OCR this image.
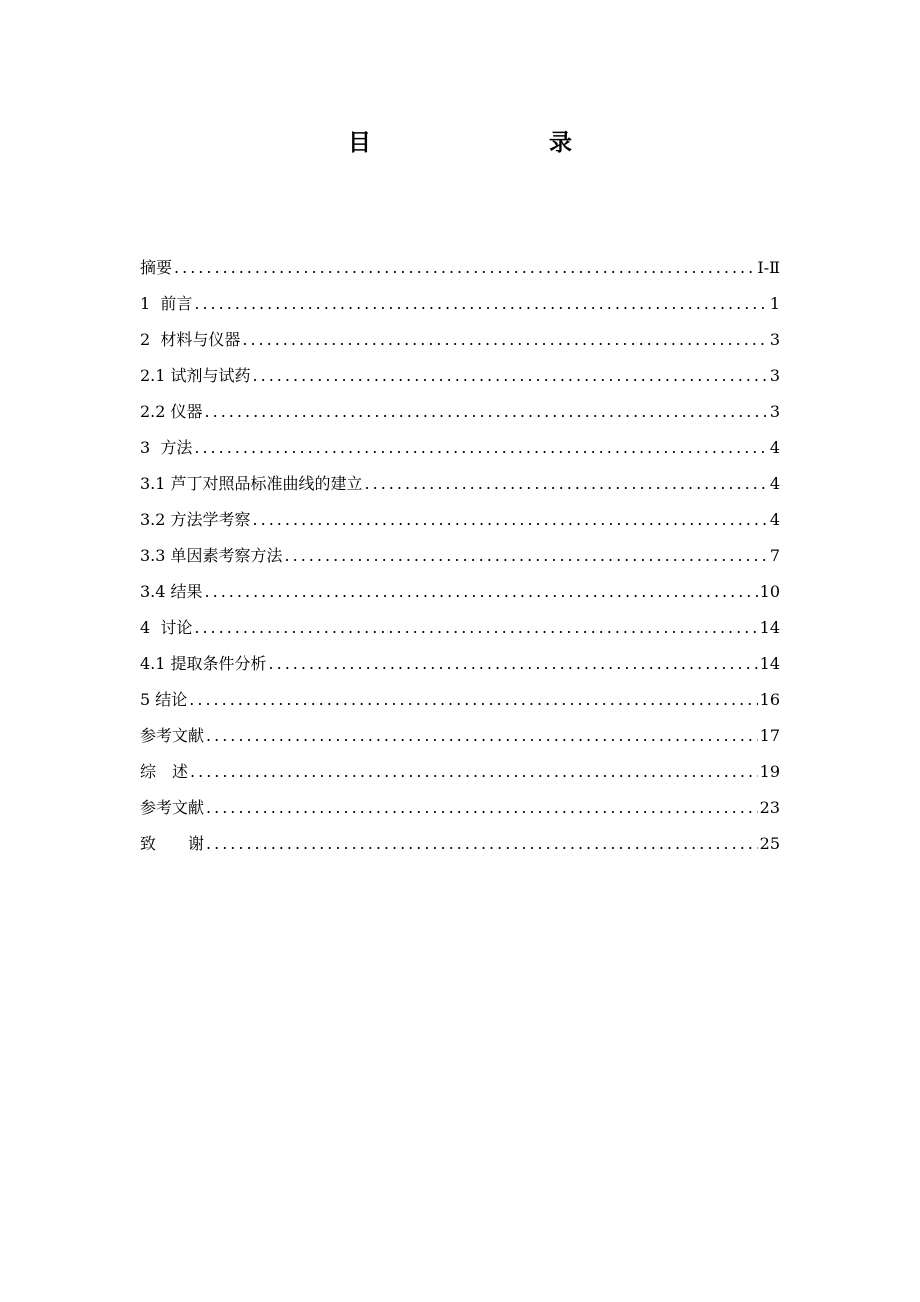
目　　录
摘要 .....	Ⅰ-Ⅱ
1  前言 .....	1
2  材料与仪器 .....	3
2.1 试剂与试药 .....	3
2.2 仪器 .....	3
3  方法 .....	4
3.1 芦丁对照品标准曲线的建立 .....	4
3.2 方法学考察 .....	4
3.3 单因素考察方法 .....	7
3.4 结果 .....	10
4  讨论 .....	14
4.1 提取条件分析 .....	14
5 结论 .....	16
参考文献 .....	17
综　述 .....	19
参考文献 .....	23
致　　谢 .....	25
